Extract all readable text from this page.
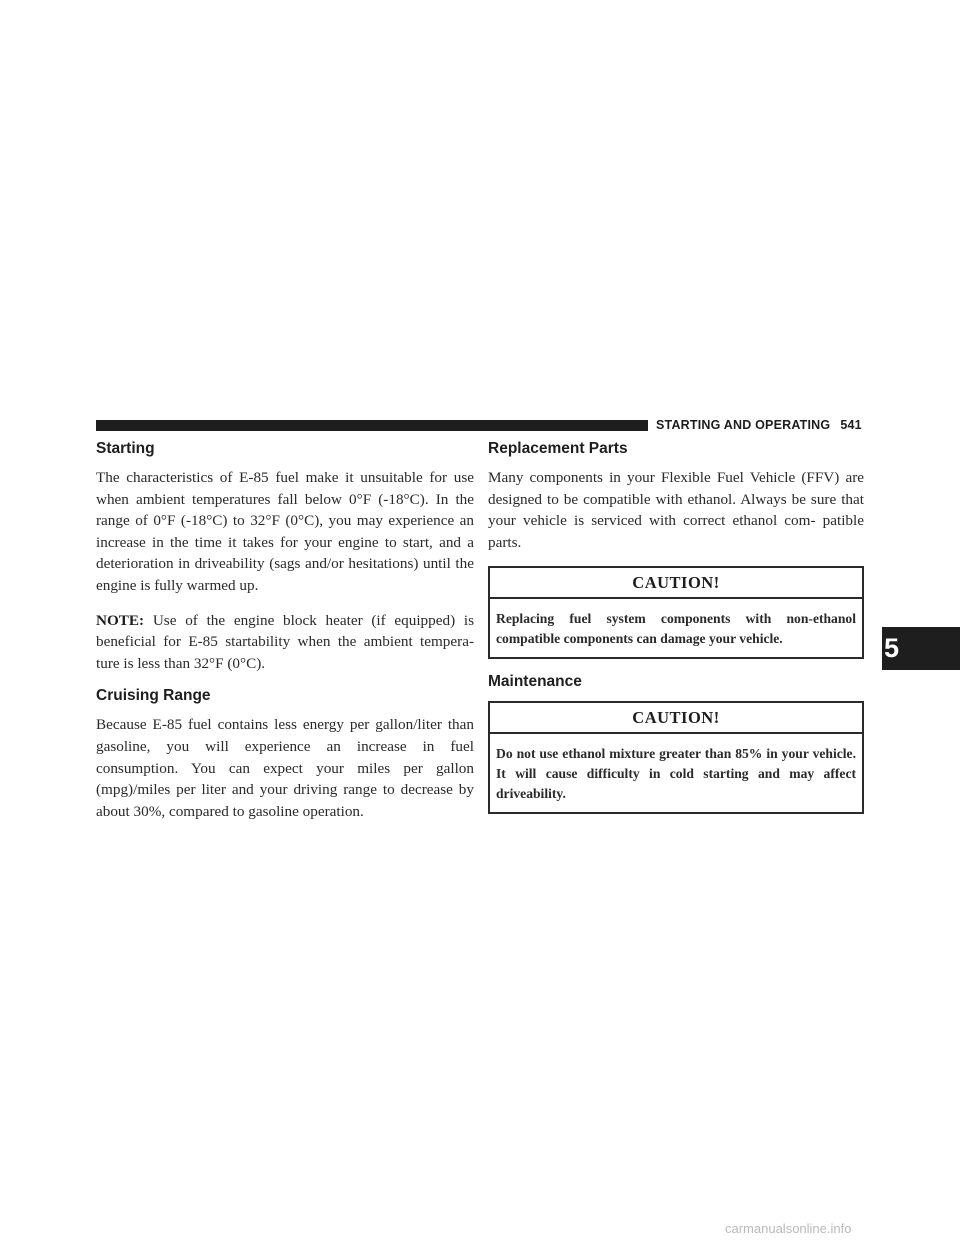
STARTING AND OPERATING 541
Starting

The characteristics of E-85 fuel make it unsuitable for use when ambient temperatures fall below 0°F (-18°C). In the range of 0°F (-18°C) to 32°F (0°C), you may experience an increase in the time it takes for your engine to start, and a deterioration in driveability (sags and/or hesitations) until the engine is fully warmed up.

NOTE: Use of the engine block heater (if equipped) is beneficial for E-85 startability when the ambient tempera- ture is less than 32°F (0°C).

Cruising Range

Because E-85 fuel contains less energy per gallon/liter than gasoline, you will experience an increase in fuel consumption. You can expect your miles per gallon (mpg)/miles per liter and your driving range to decrease by about 30%, compared to gasoline operation.

Replacement Parts

Many components in your Flexible Fuel Vehicle (FFV) are designed to be compatible with ethanol. Always be sure that your vehicle is serviced with correct ethanol com- patible parts.

CAUTION!
Replacing fuel system components with non-ethanol compatible components can damage your vehicle.
Maintenance
CAUTION!
Do not use ethanol mixture greater than 85% in your vehicle. It will cause difficulty in cold starting and may affect driveability.
5
carmanualsonline.info
